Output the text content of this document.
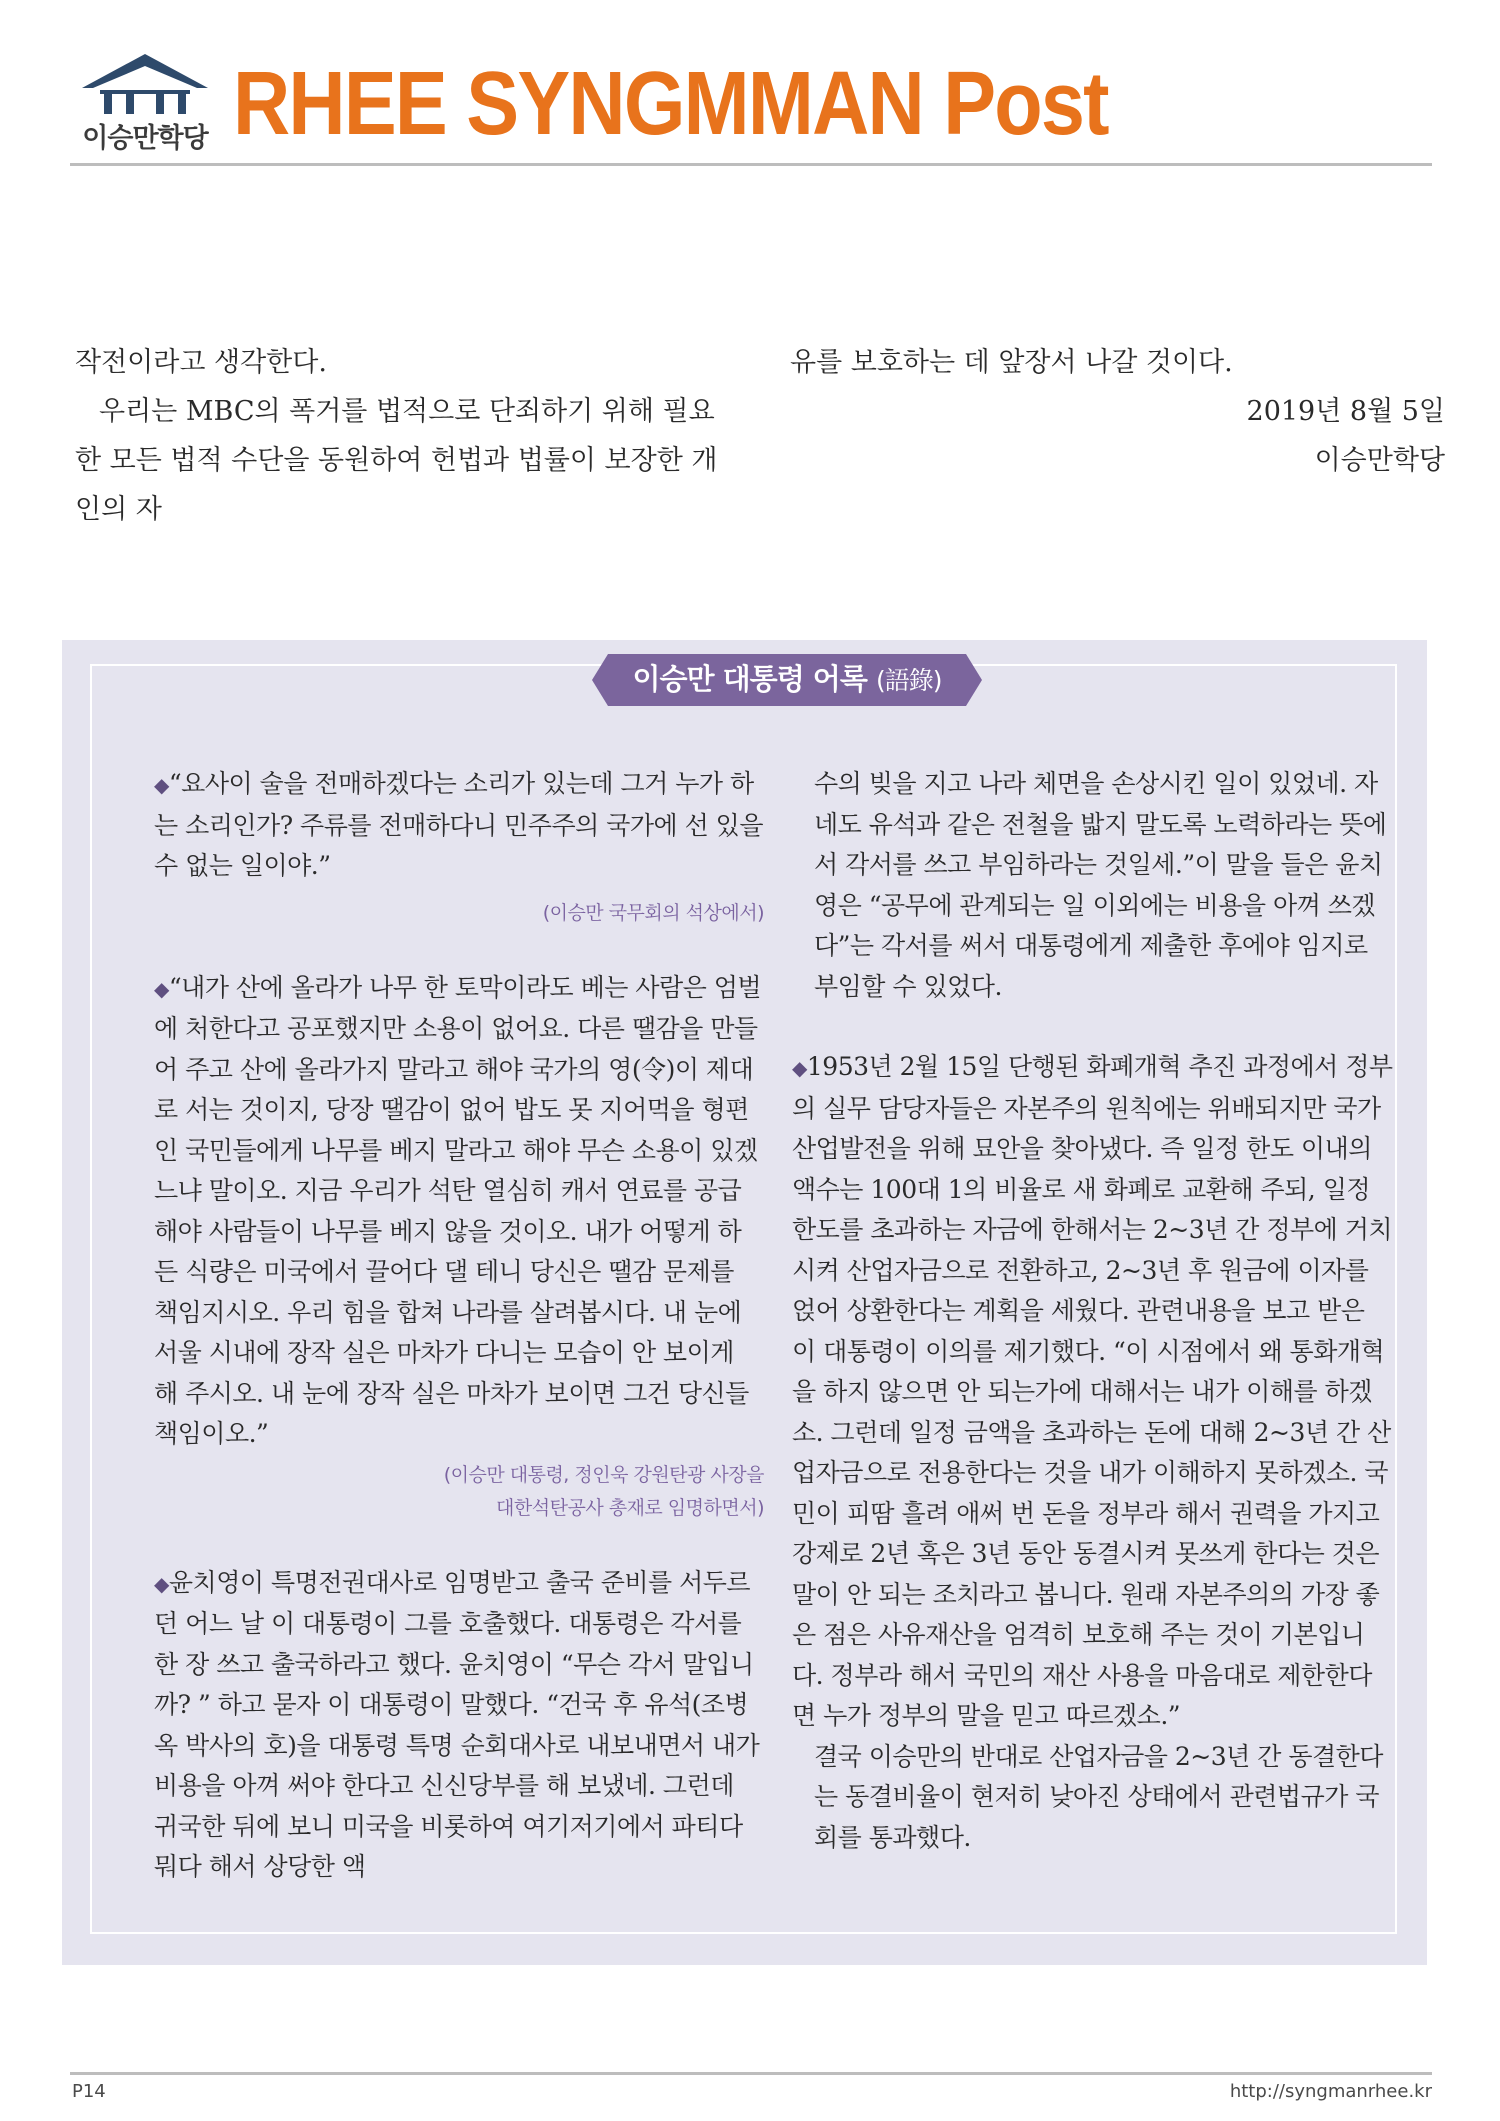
이승만학당 RHEE SYNGMMAN Post

작전이라고 생각한다.

우리는 MBC의 폭거를 법적으로 단죄하기 위해 필요한 모든 법적 수단을 동원하여 헌법과 법률이 보장한 개인의 자

유를 보호하는 데 앞장서 나갈 것이다.

2019년 8월 5일

이승만학당

이승만 대통령 어록 (語錄)

◆“요사이 술을 전매하겠다는 소리가 있는데 그거 누가 하는 소리인가? 주류를 전매하다니 민주주의 국가에 선 있을 수 없는 일이야.”

(이승만 국무회의 석상에서)

◆“내가 산에 올라가 나무 한 토막이라도 베는 사람은 엄벌에 처한다고 공포했지만 소용이 없어요. 다른 땔감을 만들어 주고 산에 올라가지 말라고 해야 국가의 영(令)이 제대로 서는 것이지, 당장 땔감이 없어 밥도 못 지어먹을 형편인 국민들에게 나무를 베지 말라고 해야 무슨 소용이 있겠느냐 말이오. 지금 우리가 석탄 열심히 캐서 연료를 공급해야 사람들이 나무를 베지 않을 것이오. 내가 어떻게 하든 식량은 미국에서 끌어다 댈 테니 당신은 땔감 문제를 책임지시오. 우리 힘을 합쳐 나라를 살려봅시다. 내 눈에 서울 시내에 장작 실은 마차가 다니는 모습이 안 보이게 해 주시오. 내 눈에 장작 실은 마차가 보이면 그건 당신들 책임이오.”

(이승만 대통령, 정인욱 강원탄광 사장을

대한석탄공사 총재로 임명하면서)

◆윤치영이 특명전권대사로 임명받고 출국 준비를 서두르던 어느 날 이 대통령이 그를 호출했다. 대통령은 각서를 한 장 쓰고 출국하라고 했다. 윤치영이 “무슨 각서 말입니까? ” 하고 묻자 이 대통령이 말했다. “건국 후 유석(조병옥 박사의 호)을 대통령 특명 순회대사로 내보내면서 내가 비용을 아껴 써야 한다고 신신당부를 해 보냈네. 그런데 귀국한 뒤에 보니 미국을 비롯하여 여기저기에서 파티다 뭐다 해서 상당한 액

수의 빚을 지고 나라 체면을 손상시킨 일이 있었네. 자네도 유석과 같은 전철을 밟지 말도록 노력하라는 뜻에서 각서를 쓰고 부임하라는 것일세.”이 말을 들은 윤치영은 “공무에 관계되는 일 이외에는 비용을 아껴 쓰겠다”는 각서를 써서 대통령에게 제출한 후에야 임지로 부임할 수 있었다.

◆1953년 2월 15일 단행된 화폐개혁 추진 과정에서 정부의 실무 담당자들은 자본주의 원칙에는 위배되지만 국가 산업발전을 위해 묘안을 찾아냈다. 즉 일정 한도 이내의 액수는 100대 1의 비율로 새 화폐로 교환해 주되, 일정 한도를 초과하는 자금에 한해서는 2~3년 간 정부에 거치시켜 산업자금으로 전환하고, 2~3년 후 원금에 이자를 얹어 상환한다는 계획을 세웠다. 관련내용을 보고 받은 이 대통령이 이의를 제기했다. “이 시점에서 왜 통화개혁을 하지 않으면 안 되는가에 대해서는 내가 이해를 하겠소. 그런데 일정 금액을 초과하는 돈에 대해 2~3년 간 산업자금으로 전용한다는 것을 내가 이해하지 못하겠소. 국민이 피땀 흘려 애써 번 돈을 정부라 해서 권력을 가지고 강제로 2년 혹은 3년 동안 동결시켜 못쓰게 한다는 것은 말이 안 되는 조치라고 봅니다. 원래 자본주의의 가장 좋은 점은 사유재산을 엄격히 보호해 주는 것이 기본입니다. 정부라 해서 국민의 재산 사용을 마음대로 제한한다면 누가 정부의 말을 믿고 따르겠소.”

결국 이승만의 반대로 산업자금을 2~3년 간 동결한다는 동결비율이 현저히 낮아진 상태에서 관련법규가 국회를 통과했다.

P14	http://syngmanrhee.kr
